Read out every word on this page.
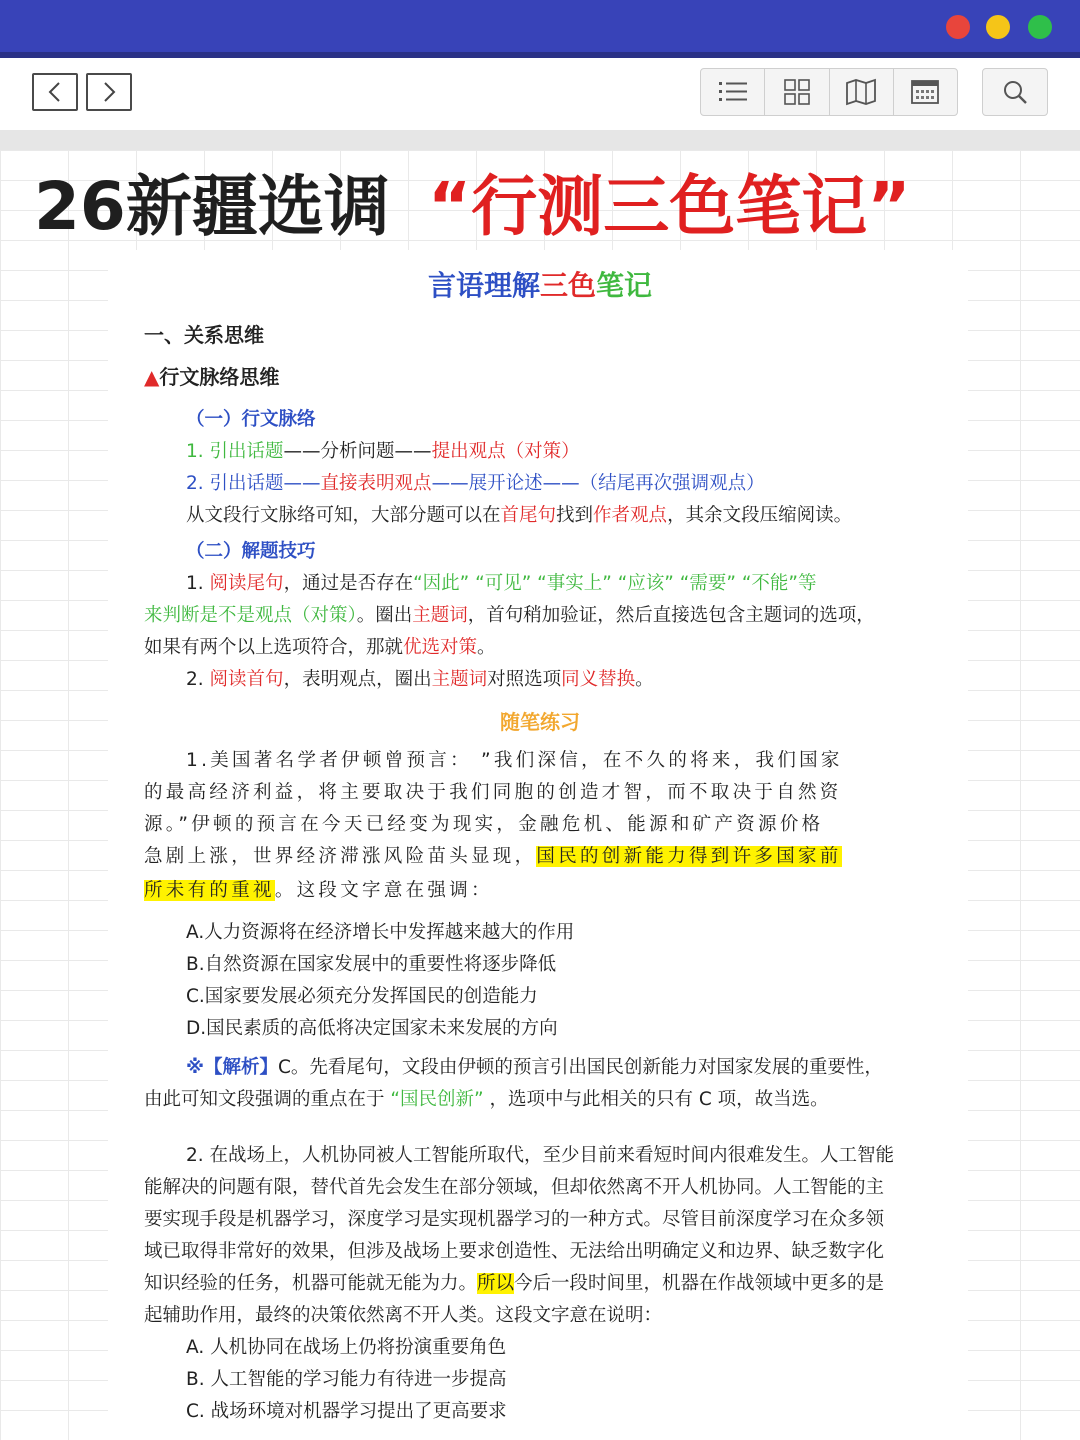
26新疆选调 “行测三色笔记”
言语理解三色笔记
一、关系思维
▲行文脉络思维
（一）行文脉络
1. 引出话题——分析问题——提出观点（对策）
2. 引出话题——直接表明观点——展开论述——（结尾再次强调观点）
从文段行文脉络可知，大部分题可以在首尾句找到作者观点，其余文段压缩阅读。
（二）解题技巧
1. 阅读尾句，通过是否存在“因此” “可见” “事实上” “应该” “需要” “不能”等
来判断是不是观点（对策）。圈出主题词，首句稍加验证，然后直接选包含主题词的选项，
如果有两个以上选项符合，那就优选对策。
2. 阅读首句，表明观点，圈出主题词对照选项同义替换。
随笔练习
1.美国著名学者伊顿曾预言： ”我们深信，在不久的将来，我们国家
的最高经济利益，将主要取决于我们同胞的创造才智，而不取决于自然资
源。”伊顿的预言在今天已经变为现实，金融危机、能源和矿产资源价格
急剧上涨，世界经济滞涨风险苗头显现，国民的创新能力得到许多国家前
所未有的重视。这段文字意在强调：
A.人力资源将在经济增长中发挥越来越大的作用
B.自然资源在国家发展中的重要性将逐步降低
C.国家要发展必须充分发挥国民的创造能力
D.国民素质的高低将决定国家未来发展的方向
※【解析】C。先看尾句，文段由伊顿的预言引出国民创新能力对国家发展的重要性，
由此可知文段强调的重点在于 “国民创新” ，选项中与此相关的只有 C 项，故当选。
2. 在战场上，人机协同被人工智能所取代，至少目前来看短时间内很难发生。人工智能
能解决的问题有限，替代首先会发生在部分领域，但却依然离不开人机协同。人工智能的主
要实现手段是机器学习，深度学习是实现机器学习的一种方式。尽管目前深度学习在众多领
域已取得非常好的效果，但涉及战场上要求创造性、无法给出明确定义和边界、缺乏数字化
知识经验的任务，机器可能就无能为力。所以今后一段时间里，机器在作战领域中更多的是
起辅助作用，最终的决策依然离不开人类。这段文字意在说明：
A. 人机协同在战场上仍将扮演重要角色
B. 人工智能的学习能力有待进一步提高
C. 战场环境对机器学习提出了更高要求
